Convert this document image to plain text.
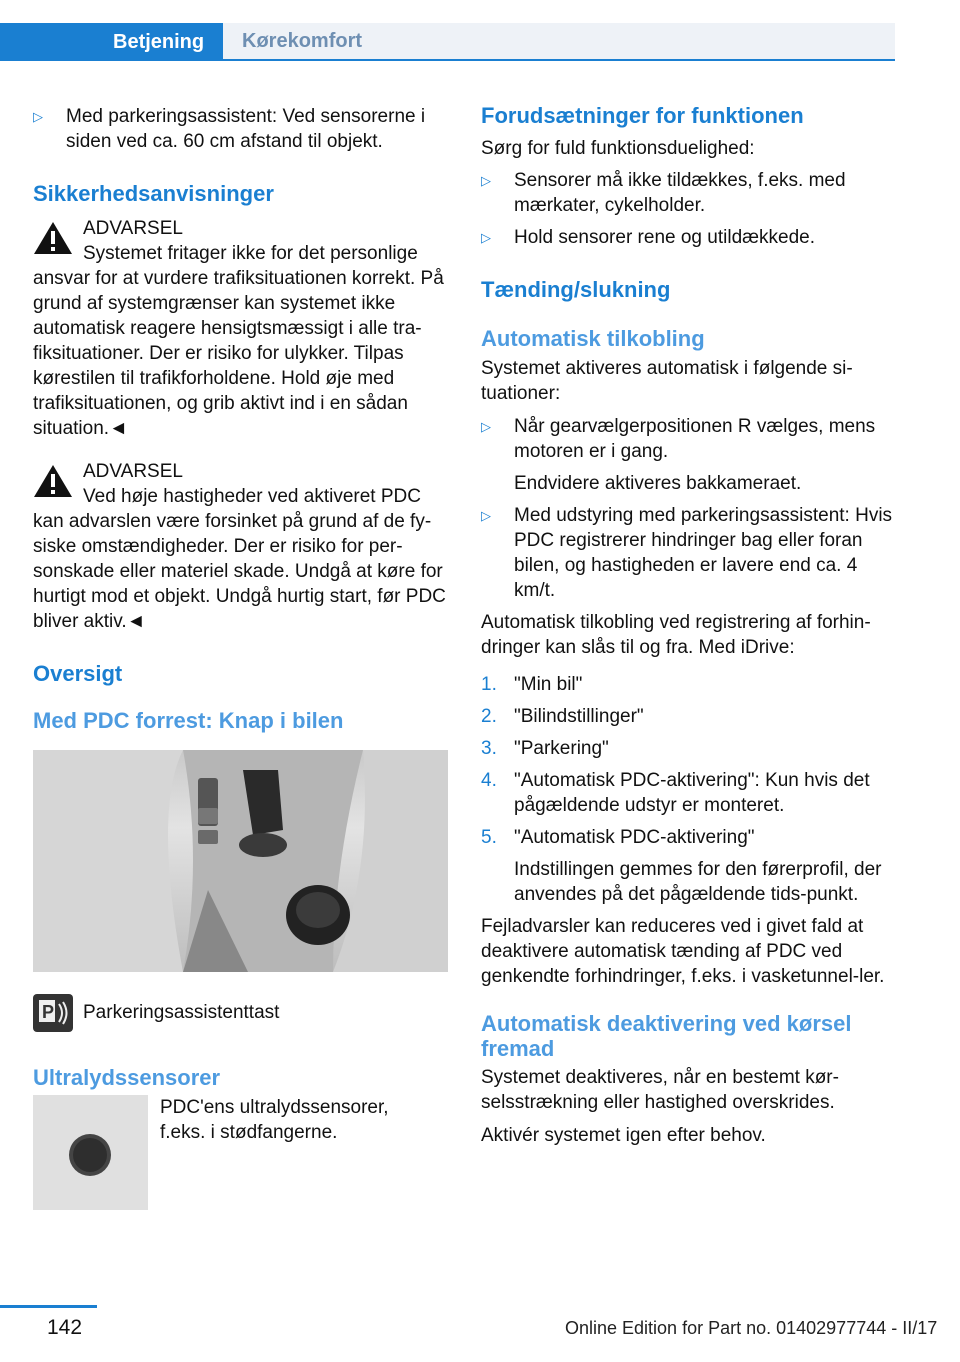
Betjening Kørekomfort
▷	Med parkeringsassistent: Ved sensorerne i siden ved ca. 60 cm afstand til objekt.
Sikkerhedsanvisninger

ADVARSEL

Systemet fritager ikke for det personlige

ansvar for at vurdere trafiksituationen korrekt. På grund af systemgrænser kan systemet ikke automatisk reagere hensigtsmæssigt i alle tra-fiksituationer. Der er risiko for ulykker. Tilpas kørestilen til trafikforholdene. Hold øje med trafiksituationen, og grib aktivt ind i en sådan situation.◄

ADVARSEL

Ved høje hastigheder ved aktiveret PDC

kan advarslen være forsinket på grund af de fy-siske omstændigheder. Der er risiko for per-sonskade eller materiel skade. Undgå at køre for hurtigt mod et objekt. Undgå hurtig start, før PDC bliver aktiv.◄

Oversigt
Med PDC forrest: Knap i bilen
P Parkeringsassistenttast

Ultralydssensorer

PDC'ens ultralydssensorer, f.eks. i stødfangerne.

Forudsætninger for funktionen

Sørg for fuld funktionsduelighed:

▷	Sensorer må ikke tildækkes, f.eks. med mærkater, cykelholder.
▷	Hold sensorer rene og utildækkede.
Tænding/slukning
Automatisk tilkobling

Systemet aktiveres automatisk i følgende si-tuationer:

▷	Når gearvælgerpositionen R vælges, mens motoren er i gang.

Endvidere aktiveres bakkameraet.

▷	Med udstyring med parkeringsassistent: Hvis PDC registrerer hindringer bag eller foran bilen, og hastigheden er lavere end ca. 4 km/t.

Automatisk tilkobling ved registrering af forhin-dringer kan slås til og fra. Med iDrive:

1. "Min bil"
2. "Bilindstillinger"
3. "Parkering"
4. "Automatisk PDC-aktivering": Kun hvis det pågældende udstyr er monteret.
5. "Automatisk PDC-aktivering"

Indstillingen gemmes for den førerprofil, der anvendes på det pågældende tids-punkt.

Fejladvarsler kan reduceres ved i givet fald at deaktivere automatisk tænding af PDC ved genkendte forhindringer, f.eks. i vasketunnel-ler.

Automatisk deaktivering ved kørsel fremad

Systemet deaktiveres, når en bestemt kør-selsstrækning eller hastighed overskrides.

Aktivér systemet igen efter behov.

142	Online Edition for Part no. 01402977744 - II/17
